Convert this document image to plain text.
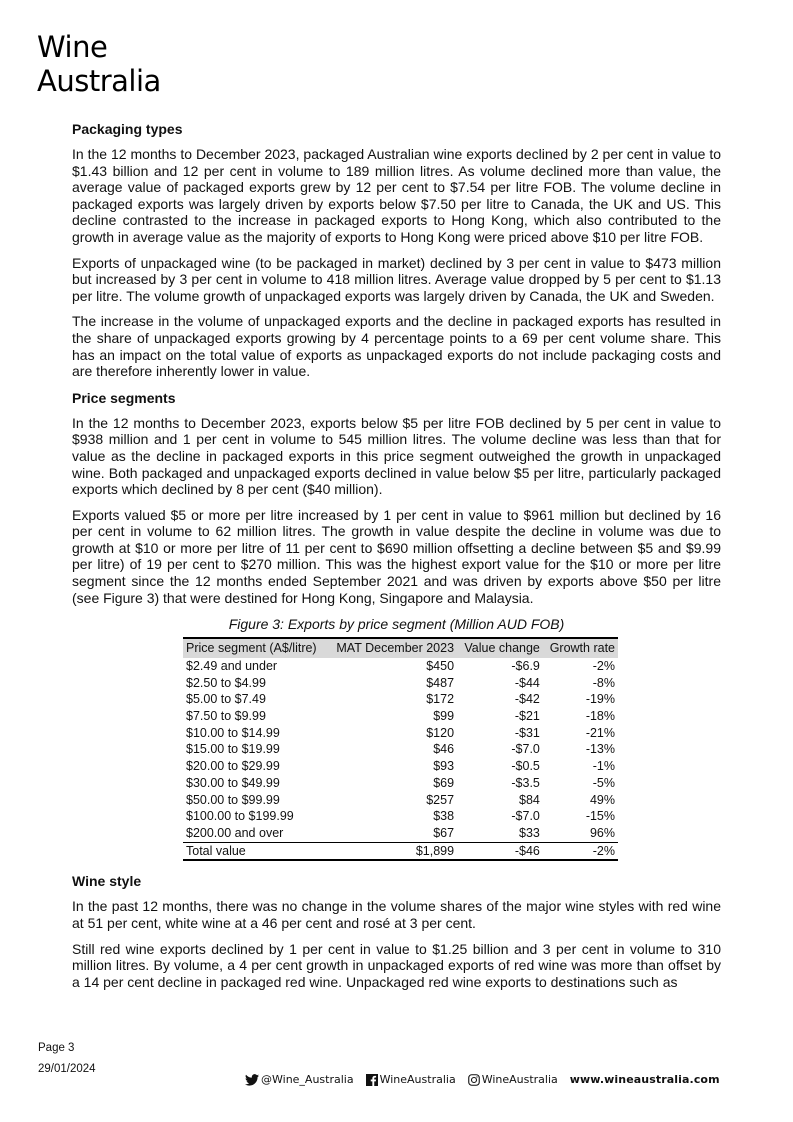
Wine
Australia
Packaging types

In the 12 months to December 2023, packaged Australian wine exports declined by 2 per cent in value to $1.43 billion and 12 per cent in volume to 189 million litres. As volume declined more than value, the average value of packaged exports grew by 12 per cent to $7.54 per litre FOB. The volume decline in packaged exports was largely driven by exports below $7.50 per litre to Canada, the UK and US. This decline contrasted to the increase in packaged exports to Hong Kong, which also contributed to the growth in average value as the majority of exports to Hong Kong were priced above $10 per litre FOB.

Exports of unpackaged wine (to be packaged in market) declined by 3 per cent in value to $473 million but increased by 3 per cent in volume to 418 million litres. Average value dropped by 5 per cent to $1.13 per litre. The volume growth of unpackaged exports was largely driven by Canada, the UK and Sweden.

The increase in the volume of unpackaged exports and the decline in packaged exports has resulted in the share of unpackaged exports growing by 4 percentage points to a 69 per cent volume share. This has an impact on the total value of exports as unpackaged exports do not include packaging costs and are therefore inherently lower in value.

Price segments

In the 12 months to December 2023, exports below $5 per litre FOB declined by 5 per cent in value to $938 million and 1 per cent in volume to 545 million litres. The volume decline was less than that for value as the decline in packaged exports in this price segment outweighed the growth in unpackaged wine. Both packaged and unpackaged exports declined in value below $5 per litre, particularly packaged exports which declined by 8 per cent ($40 million).

Exports valued $5 or more per litre increased by 1 per cent in value to $961 million but declined by 16 per cent in volume to 62 million litres. The growth in value despite the decline in volume was due to growth at $10 or more per litre of 11 per cent to $690 million offsetting a decline between $5 and $9.99 per litre) of 19 per cent to $270 million. This was the highest export value for the $10 or more per litre segment since the 12 months ended September 2021 and was driven by exports above $50 per litre (see Figure 3) that were destined for Hong Kong, Singapore and Malaysia.

Figure 3: Exports by price segment (Million AUD FOB)
Price segment (A$/litre)	MAT December 2023	Value change	Growth rate
$2.49 and under	$450	-$6.9	-2%
$2.50 to $4.99	$487	-$44	-8%
$5.00 to $7.49	$172	-$42	-19%
$7.50 to $9.99	$99	-$21	-18%
$10.00 to $14.99	$120	-$31	-21%
$15.00 to $19.99	$46	-$7.0	-13%
$20.00 to $29.99	$93	-$0.5	-1%
$30.00 to $49.99	$69	-$3.5	-5%
$50.00 to $99.99	$257	$84	49%
$100.00 to $199.99	$38	-$7.0	-15%
$200.00 and over	$67	$33	96%
Total value	$1,899	-$46	-2%
Wine style

In the past 12 months, there was no change in the volume shares of the major wine styles with red wine at 51 per cent, white wine at a 46 per cent and rosé at 3 per cent.

Still red wine exports declined by 1 per cent in value to $1.25 billion and 3 per cent in volume to 310 million litres. By volume, a 4 per cent growth in unpackaged exports of red wine was more than offset by a 14 per cent decline in packaged red wine. Unpackaged red wine exports to destinations such as

Page 3
29/01/2024
@Wine_Australia WineAustralia WineAustralia www.wineaustralia.com
